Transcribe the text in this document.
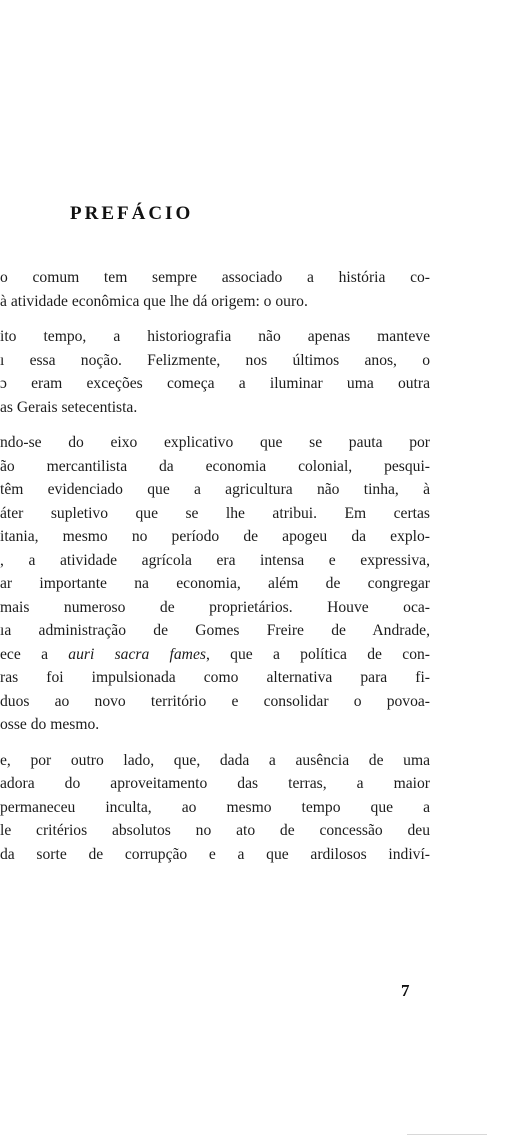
PREFÁCIO
o comum tem sempre associado a história co-
à atividade econômica que lhe dá origem: o ouro.
ito tempo, a historiografia não apenas manteve
ı essa noção. Felizmente, nos últimos anos, o
ɔ eram exceções começa a iluminar uma outra
as Gerais setecentista.
ndo-se do eixo explicativo que se pauta por
ão mercantilista da economia colonial, pesqui-
têm evidenciado que a agricultura não tinha, à
áter supletivo que se lhe atribui. Em certas
itania, mesmo no período de apogeu da explo-
, a atividade agrícola era intensa e expressiva,
ar importante na economia, além de congregar
mais numeroso de proprietários. Houve oca-
ıa administração de Gomes Freire de Andrade,
ece a auri sacra fames, que a política de con-
ras foi impulsionada como alternativa para fi-
duos ao novo território e consolidar o povoa-
osse do mesmo.
e, por outro lado, que, dada a ausência de uma
adora do aproveitamento das terras, a maior
permaneceu inculta, ao mesmo tempo que a
le critérios absolutos no ato de concessão deu
da sorte de corrupção e a que ardilosos indiví-
7
